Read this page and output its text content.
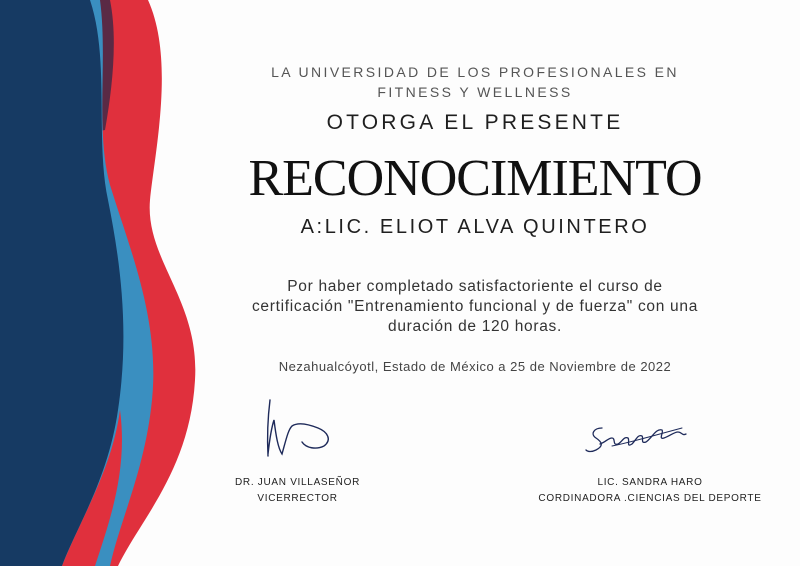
LA UNIVERSIDAD DE LOS PROFESIONALES EN FITNESS Y WELLNESS
OTORGA EL PRESENTE
RECONOCIMIENTO
A:LIC. ELIOT ALVA QUINTERO
Por haber completado satisfactoriente el curso de certificación "Entrenamiento funcional y de fuerza" con una duración de 120 horas.
Nezahualcóyotl, Estado de México a 25 de Noviembre de 2022
DR. JUAN VILLASEÑOR
VICERRECTOR
LIC. SANDRA HARO
CORDINADORA .CIENCIAS DEL DEPORTE
